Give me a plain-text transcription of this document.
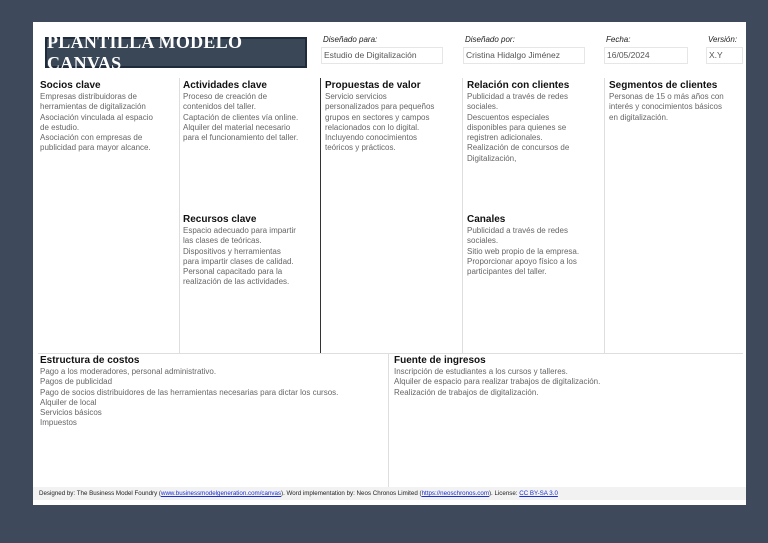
PLANTILLA MODELO CANVAS
Diseñado para:
Estudio de Digitalización
Diseñado por:
Cristina Hidalgo Jiménez
Fecha:
16/05/2024
Versión:
X.Y
Socios clave

Empresas distribuidoras de
herramientas de digitalización
Asociación vinculada al espacio
de estudio.
Asociación con empresas de
publicidad para mayor alcance.

Actividades clave

Proceso de creación de
contenidos del taller.
Captación de clientes vía online.
Alquiler del material necesario
para el funcionamiento del taller.

Propuestas de valor

Servicio servicios
personalizados para pequeños
grupos en sectores y campos
relacionados con lo digital.
Incluyendo conocimientos
teóricos y prácticos.

Relación con clientes

Publicidad a través de redes
sociales.
Descuentos especiales
disponibles para quienes se
registren adicionales.
Realización de concursos de
Digitalización,

Segmentos de clientes

Personas de 15 o más años con
interés y conocimientos básicos
en digitalización.

Recursos clave

Espacio adecuado para impartir
las clases de teóricas.
Dispositivos y herramientas
para impartir clases de calidad.
Personal capacitado para la
realización de las actividades.

Canales

Publicidad a través de redes
sociales.
Sitio web propio de la empresa.
Proporcionar apoyo físico a los
participantes del taller.

Estructura de costos

Pago a los moderadores, personal administrativo.
Pagos de publicidad
Pago de socios distribuidores de las herramientas necesarias para dictar los cursos.
Alquiler de local
Servicios básicos
Impuestos

Fuente de ingresos

Inscripción de estudiantes a los cursos y talleres.
Alquiler de espacio para realizar trabajos de digitalización.
Realización de trabajos de digitalización.

Designed by: The Business Model Foundry (www.businessmodelgeneration.com/canvas). Word implementation by: Neos Chronos Limited (https://neoschronos.com). License: CC BY-SA 3.0
